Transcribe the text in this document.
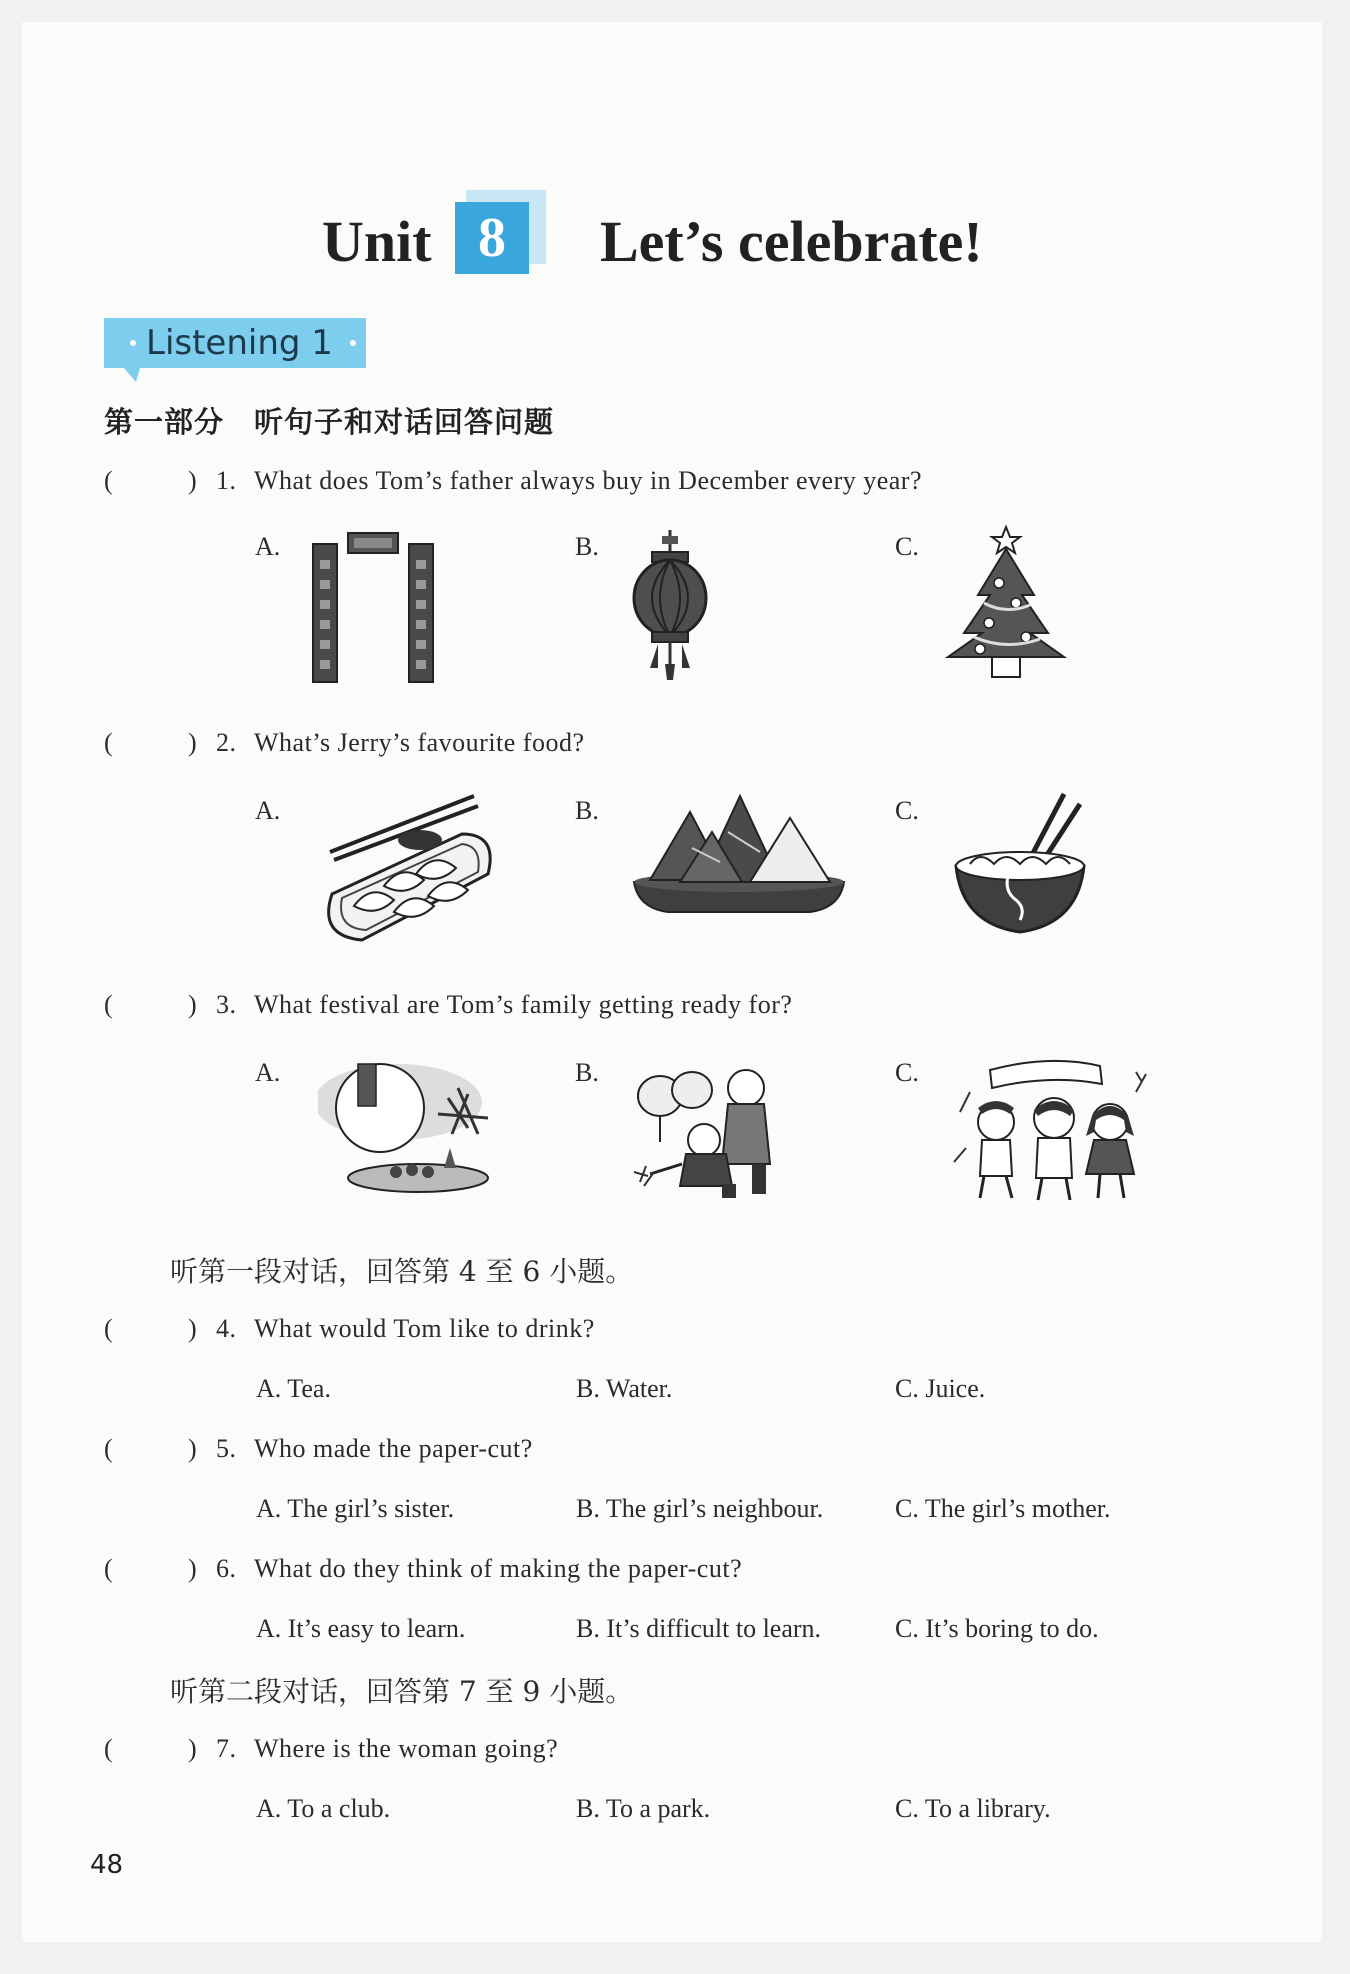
Unit 8	Let’s celebrate!
Listening 1
第一部分　听句子和对话回答问题
(	) 1. What does Tom’s father always buy in December every year?
A.	B.	C.
(	) 2. What’s Jerry’s favourite food?
A.	B.	C.
(	) 3. What festival are Tom’s family getting ready for?
A.	B.	C.
听第一段对话，回答第 4 至 6 小题。
(	) 4. What would Tom like to drink?
A. Tea.	B. Water.	C. Juice.
(	) 5. Who made the paper-cut?
A. The girl’s sister.	B. The girl’s neighbour.	C. The girl’s mother.
(	) 6. What do they think of making the paper-cut?
A. It’s easy to learn.	B. It’s difficult to learn.	C. It’s boring to do.
听第二段对话，回答第 7 至 9 小题。
(	) 7. Where is the woman going?
A. To a club.	B. To a park.	C. To a library.
48
